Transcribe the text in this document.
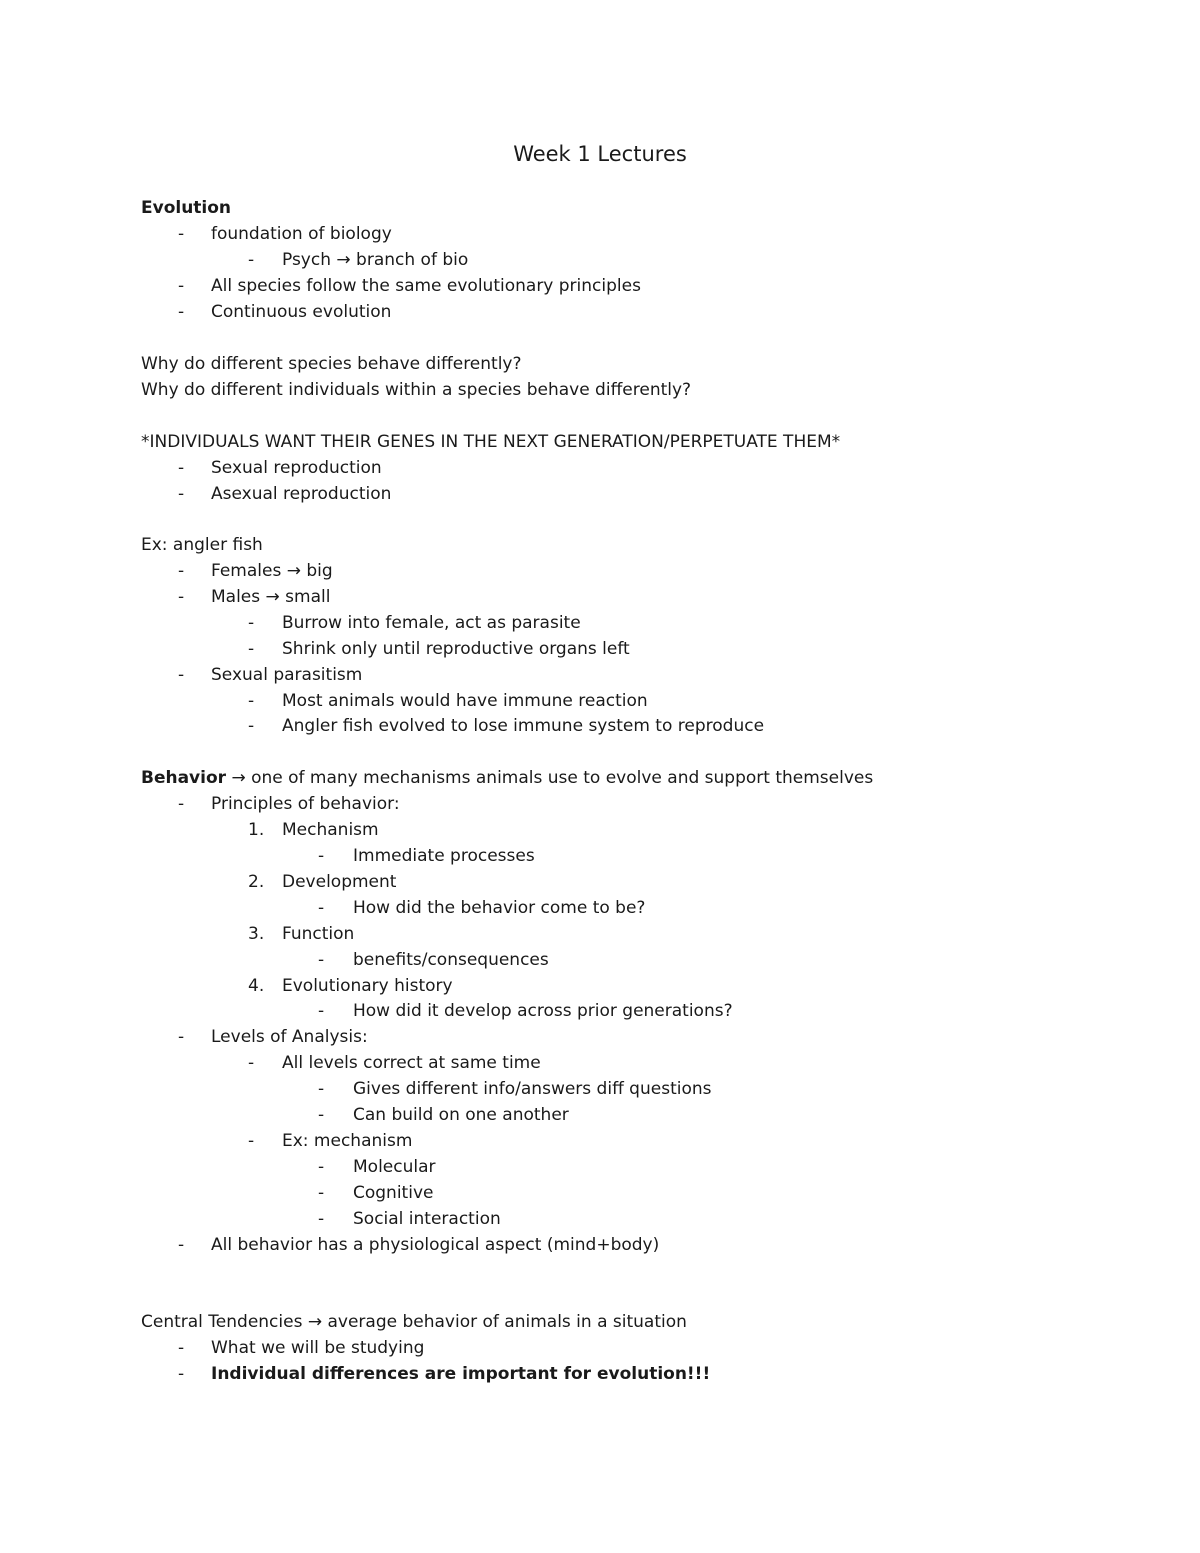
Week 1 Lectures
Evolution
- foundation of biology
- Psych → branch of bio
- All species follow the same evolutionary principles
- Continuous evolution
Why do different species behave differently?
Why do different individuals within a species behave differently?
*INDIVIDUALS WANT THEIR GENES IN THE NEXT GENERATION/PERPETUATE THEM*
- Sexual reproduction
- Asexual reproduction
Ex: angler fish
- Females → big
- Males → small
- Burrow into female, act as parasite
- Shrink only until reproductive organs left
- Sexual parasitism
- Most animals would have immune reaction
- Angler fish evolved to lose immune system to reproduce
Behavior → one of many mechanisms animals use to evolve and support themselves
- Principles of behavior:
1. Mechanism
- Immediate processes
2. Development
- How did the behavior come to be?
3. Function
- benefits/consequences
4. Evolutionary history
- How did it develop across prior generations?
- Levels of Analysis:
- All levels correct at same time
- Gives different info/answers diff questions
- Can build on one another
- Ex: mechanism
- Molecular
- Cognitive
- Social interaction
- All behavior has a physiological aspect (mind+body)
Central Tendencies → average behavior of animals in a situation
- What we will be studying
- Individual differences are important for evolution!!!
